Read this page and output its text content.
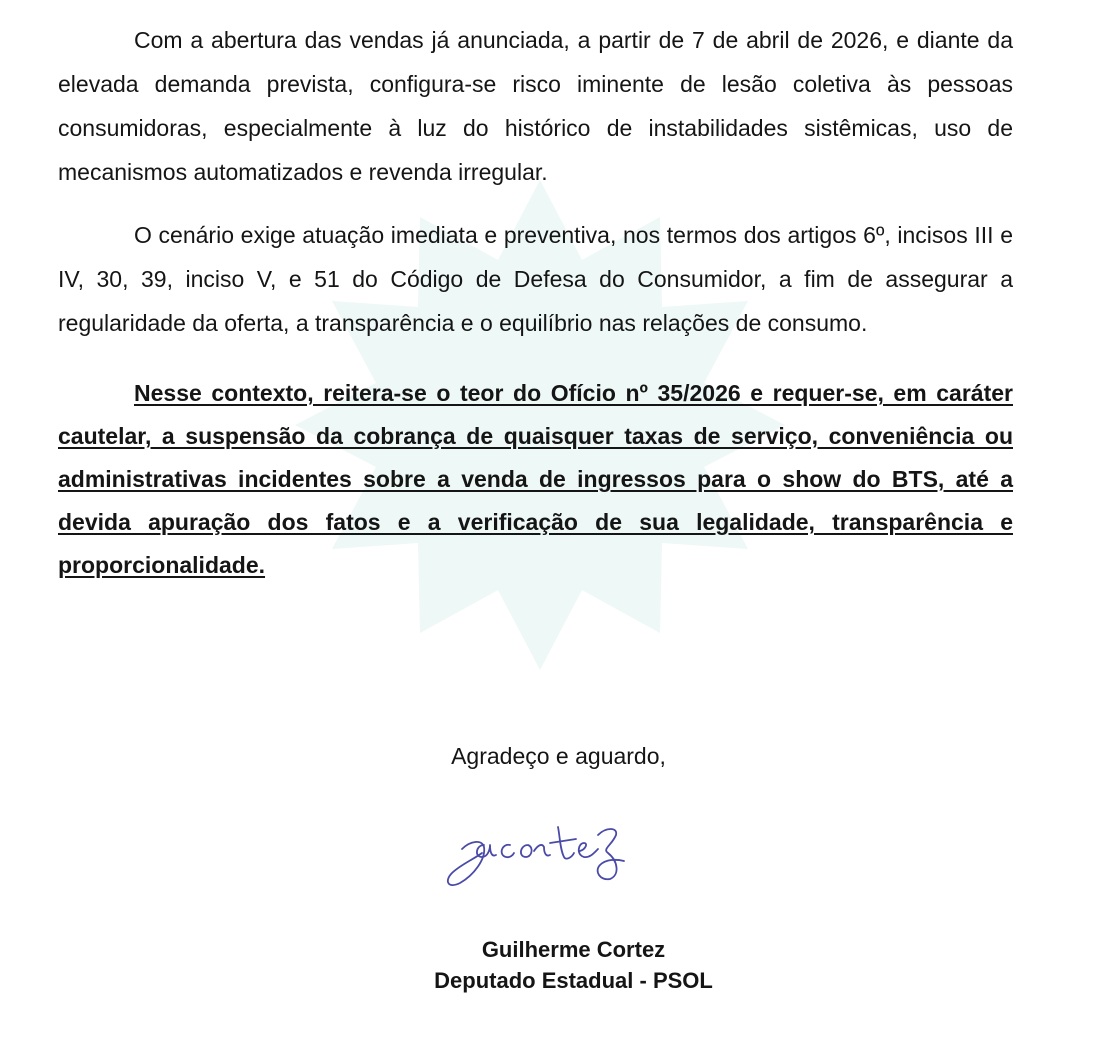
Com a abertura das vendas já anunciada, a partir de 7 de abril de 2026, e diante da elevada demanda prevista, configura-se risco iminente de lesão coletiva às pessoas consumidoras, especialmente à luz do histórico de instabilidades sistêmicas, uso de mecanismos automatizados e revenda irregular.

O cenário exige atuação imediata e preventiva, nos termos dos artigos 6º, incisos III e IV, 30, 39, inciso V, e 51 do Código de Defesa do Consumidor, a fim de assegurar a regularidade da oferta, a transparência e o equilíbrio nas relações de consumo.

Nesse contexto, reitera-se o teor do Ofício nº 35/2026 e requer-se, em caráter cautelar, a suspensão da cobrança de quaisquer taxas de serviço, conveniência ou administrativas incidentes sobre a venda de ingressos para o show do BTS, até a devida apuração dos fatos e a verificação de sua legalidade, transparência e proporcionalidade.

Agradeço e aguardo,
Guilherme Cortez
Deputado Estadual - PSOL
